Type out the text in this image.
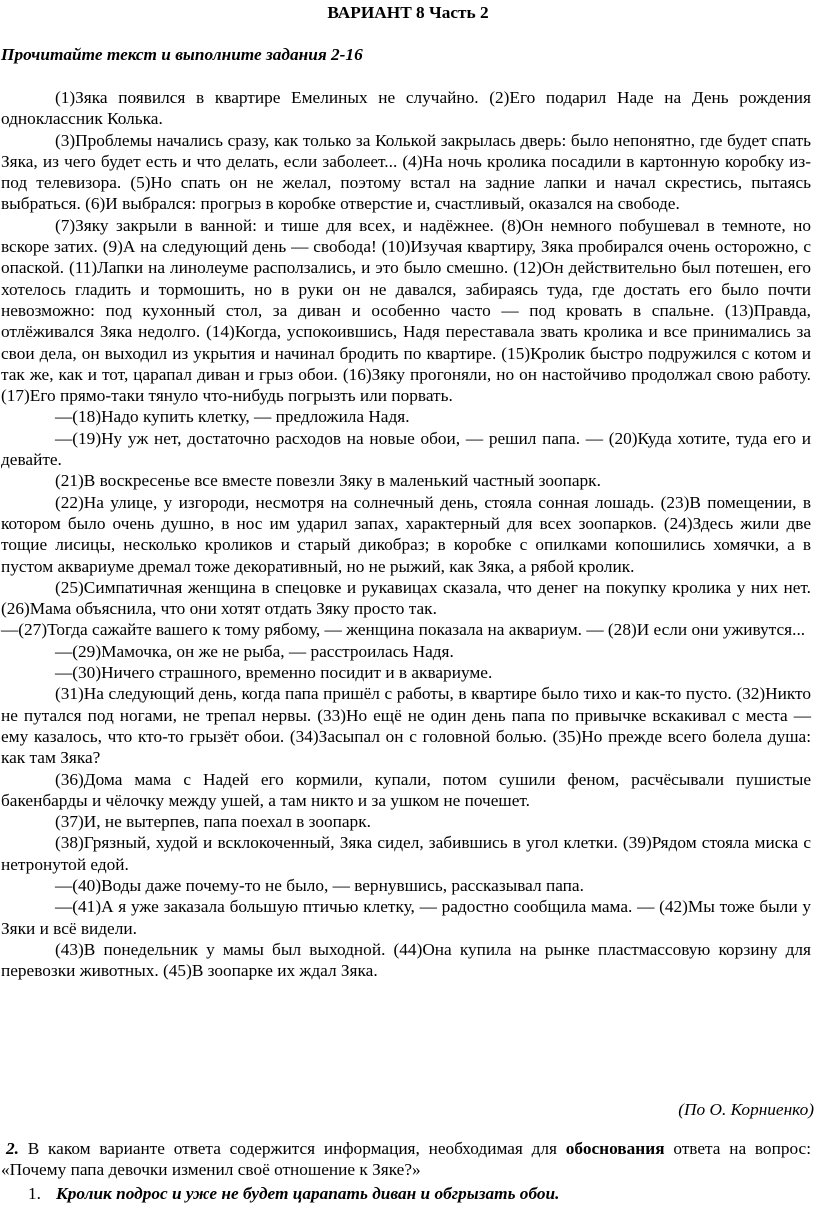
ВАРИАНТ 8 Часть 2
Прочитайте текст и выполните задания 2-16

(1)Зяка появился в квартире Емелиных не случайно. (2)Его подарил Наде на День рождения одноклассник Колька.

(3)Проблемы начались сразу, как только за Колькой закрылась дверь: было непонятно, где будет спать Зяка, из чего будет есть и что делать, если заболеет... (4)На ночь кролика посадили в картонную коробку из-под телевизора. (5)Но спать он не желал, поэтому встал на задние лапки и начал скрестись, пытаясь выбраться. (6)И выбрался: прогрыз в коробке отверстие и, счастливый, оказался на свободе.

(7)Зяку закрыли в ванной: и тише для всех, и надёжнее. (8)Он немного побушевал в темноте, но вскоре затих. (9)А на следующий день — свобода! (10)Изучая квартиру, Зяка пробирался очень осторожно, с опаской. (11)Лапки на линолеуме расползались, и это было смешно. (12)Он действительно был потешен, его хотелось гладить и тормошить, но в руки он не давался, забираясь туда, где достать его было почти невозможно: под кухонный стол, за диван и особенно часто — под кровать в спальне. (13)Правда, отлёживался Зяка недолго. (14)Когда, успокоившись, Надя переставала звать кролика и все принимались за свои дела, он выходил из укрытия и начинал бродить по квартире. (15)Кролик быстро подружился с котом и так же, как и тот, царапал диван и грыз обои. (16)Зяку прогоняли, но он настойчиво продолжал свою работу. (17)Его прямо-таки тянуло что-нибудь погрызть или порвать.

—(18)Надо купить клетку, — предложила Надя.

—(19)Ну уж нет, достаточно расходов на новые обои, — решил папа. — (20)Куда хотите, туда его и девайте.

(21)В воскресенье все вместе повезли Зяку в маленький частный зоопарк.

(22)На улице, у изгороди, несмотря на солнечный день, стояла сонная лошадь. (23)В помещении, в котором было очень душно, в нос им ударил запах, характерный для всех зоопарков. (24)Здесь жили две тощие лисицы, несколько кроликов и старый дикобраз; в коробке с опилками копошились хомячки, а в пустом аквариуме дремал тоже декоративный, но не рыжий, как Зяка, а рябой кролик.

(25)Симпатичная женщина в спецовке и рукавицах сказала, что денег на покупку кролика у них нет. (26)Мама объяснила, что они хотят отдать Зяку просто так.

—(27)Тогда сажайте вашего к тому рябому, — женщина показала на аквариум. — (28)И если они уживутся...

—(29)Мамочка, он же не рыба, — расстроилась Надя.

—(30)Ничего страшного, временно посидит и в аквариуме.

(31)На следующий день, когда папа пришёл с работы, в квартире было тихо и как-то пусто. (32)Никто не путался под ногами, не трепал нервы. (33)Но ещё не один день папа по привычке вскакивал с места — ему казалось, что кто-то грызёт обои. (34)Засыпал он с головной болью. (35)Но прежде всего болела душа: как там Зяка?

(36)Дома мама с Надей его кормили, купали, потом сушили феном, расчёсывали пушистые бакенбарды и чёлочку между ушей, а там никто и за ушком не почешет.

(37)И, не вытерпев, папа поехал в зоопарк.

(38)Грязный, худой и всклокоченный, Зяка сидел, забившись в угол клетки. (39)Рядом стояла миска с нетронутой едой.

—(40)Воды даже почему-то не было, — вернувшись, рассказывал папа.

—(41)А я уже заказала большую птичью клетку, — радостно сообщила мама. — (42)Мы тоже были у Зяки и всё видели.

(43)В понедельник у мамы был выходной. (44)Она купила на рынке пластмассовую корзину для перевозки животных. (45)В зоопарке их ждал Зяка.

(По О. Корниенко)

2. В каком варианте ответа содержится информация, необходимая для обоснования ответа на вопрос: «Почему папа девочки изменил своё отношение к Зяке?»

1. Кролик подрос и уже не будет царапать диван и обгрызать обои.
